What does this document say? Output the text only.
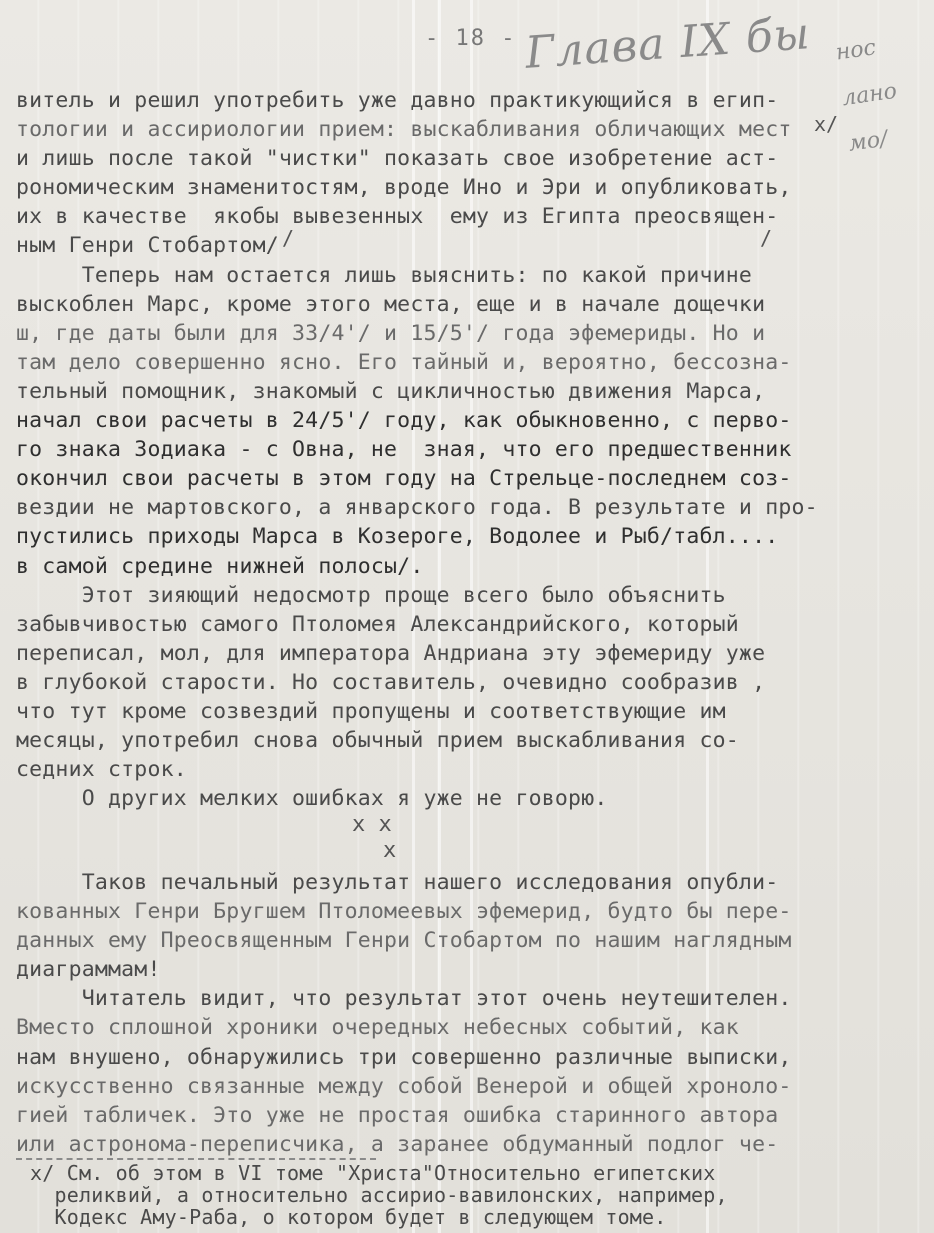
- 18 - Глава IX бы нос
лано
мо/
x/
/	/
витель и решил употребить уже давно практикующийся в егип-
тологии и ассириологии прием: выскабливания обличающих мест
и лишь после такой "чистки" показать свое изобретение аст-
рономическим знаменитостям, вроде Ино и Эри и опубликовать,
их в качестве  якобы вывезенных  ему из Египта преосвящен-
ным Генри Стобартом/
Теперь нам остается лишь выяснить: по какой причине
выскоблен Марс, кроме этого места, еще и в начале дощечки
ш, где даты были для 33/4'/ и 15/5'/ года эфемериды. Но и
там дело совершенно ясно. Его тайный и, вероятно, бессозна-
тельный помощник, знакомый с цикличностью движения Марса,
начал свои расчеты в 24/5'/ году, как обыкновенно, с перво-
го знака Зодиака - с Овна, не  зная, что его предшественник
окончил свои расчеты в этом году на Стрельце-последнем соз-
вездии не мартовского, а январского года. В результате и про-
пустились приходы Марса в Козероге, Водолее и Рыб/табл....
в самой средине нижней полосы/.
Этот зияющий недосмотр проще всего было объяснить
забывчивостью самого Птоломея Александрийского, который
переписал, мол, для императора Андриана эту эфемериду уже
в глубокой старости. Но составитель, очевидно сообразив ,
что тут кроме созвездий пропущены и соответствующие им
месяцы, употребил снова обычный прием выскабливания со-
седних строк.
О других мелких ошибках я уже не говорю.
x x
x
Таков печальный результат нашего исследования опубли-
кованных Генри Бругшем Птоломеевых эфемерид, будто бы пере-
данных ему Преосвященным Генри Стобартом по нашим наглядным
диаграммам!
Читатель видит, что результат этот очень неутешителен.
Вместо сплошной хроники очередных небесных событий, как
нам внушено, обнаружились три совершенно различные выписки,
искусственно связанные между собой Венерой и общей хроноло-
гией табличек. Это уже не простая ошибка старинного автора
или астронома-переписчика, а заранее обдуманный подлог че-
x/ См. об этом в VI томе "Христа"Относительно египетских
реликвий, а относительно ассирио-вавилонских, например,
Кодекс Аму-Раба, о котором будет в следующем томе.
